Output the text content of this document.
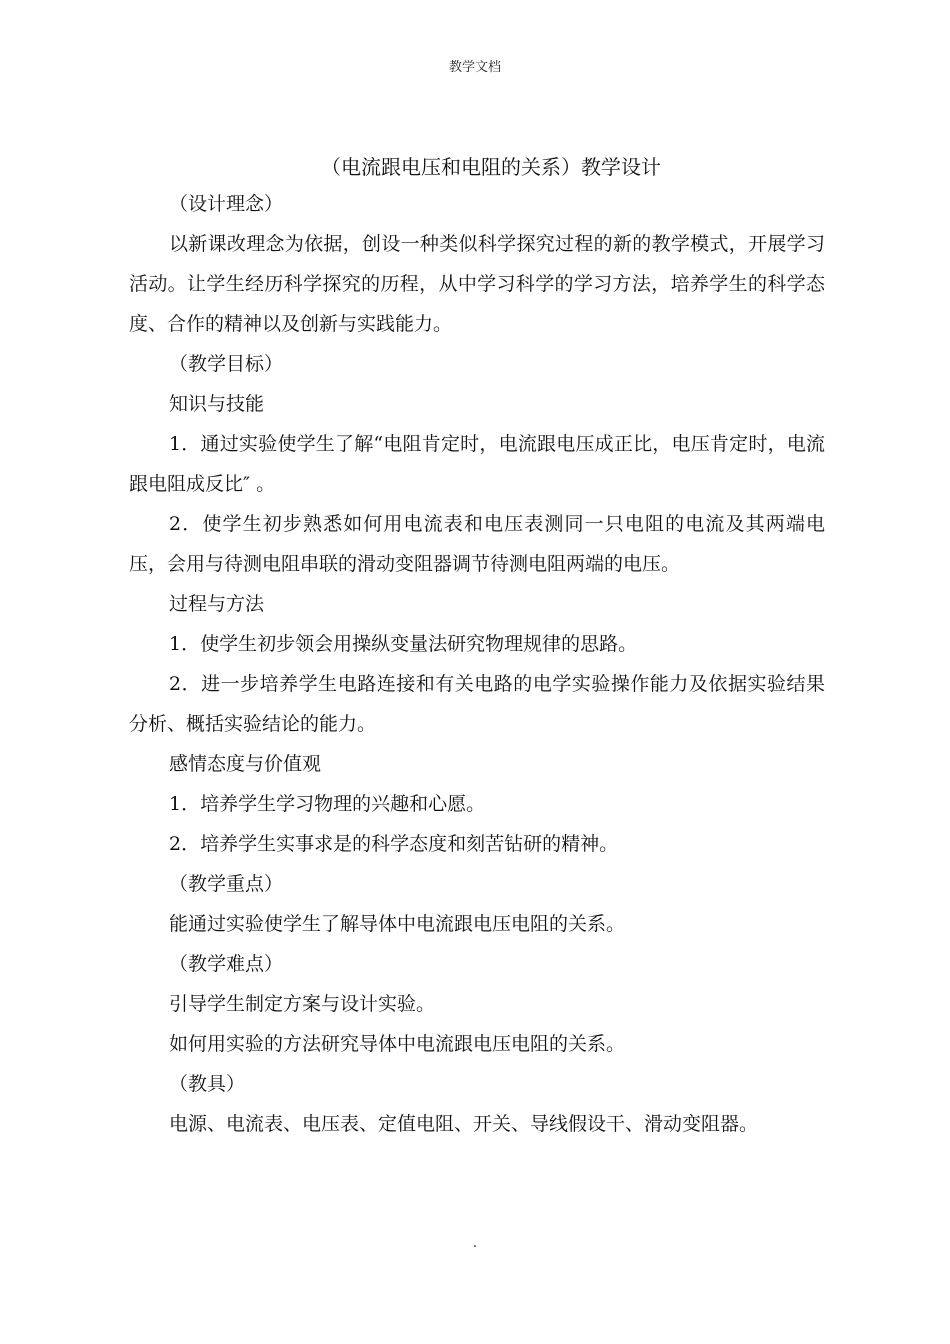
教学文档
（电流跟电压和电阻的关系）教学设计

（设计理念）

以新课改理念为依据，创设一种类似科学探究过程的新的教学模式，开展学习活动。让学生经历科学探究的历程，从中学习科学的学习方法，培养学生的科学态度、合作的精神以及创新与实践能力。

（教学目标）

知识与技能

1．通过实验使学生了解“电阻肯定时，电流跟电压成正比，电压肯定时，电流跟电阻成反比″ 。

2．使学生初步熟悉如何用电流表和电压表测同一只电阻的电流及其两端电压，会用与待测电阻串联的滑动变阻器调节待测电阻两端的电压。

过程与方法

1．使学生初步领会用操纵变量法研究物理规律的思路。

2．进一步培养学生电路连接和有关电路的电学实验操作能力及依据实验结果分析、概括实验结论的能力。

感情态度与价值观

1．培养学生学习物理的兴趣和心愿。

2．培养学生实事求是的科学态度和刻苦钻研的精神。

（教学重点）

能通过实验使学生了解导体中电流跟电压电阻的关系。

（教学难点）

引导学生制定方案与设计实验。

如何用实验的方法研究导体中电流跟电压电阻的关系。

（教具）

电源、电流表、电压表、定值电阻、开关、导线假设干、滑动变阻器。

.
